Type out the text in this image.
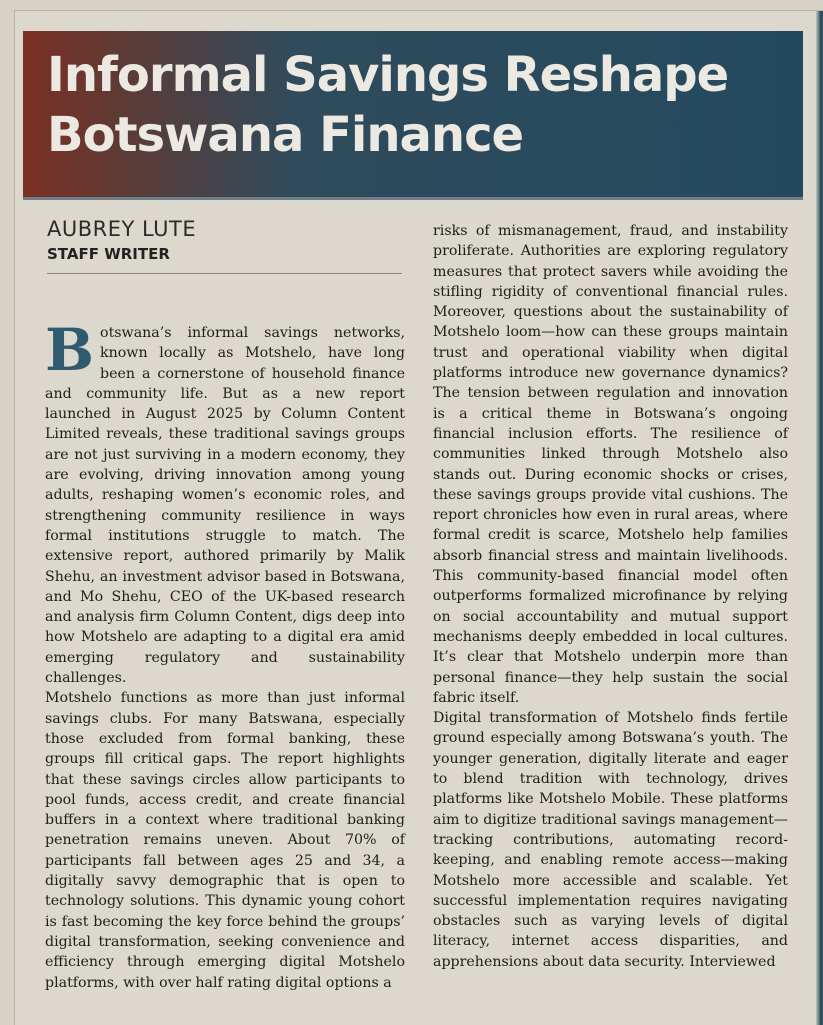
Informal Savings Reshape
Botswana Finance
AUBREY LUTE
STAFF WRITER

Botswana’s informal savings networks, known locally as Motshelo, have long been a cornerstone of household finance and community life. But as a new report launched in August 2025 by Column Content Limited reveals, these traditional savings groups are not just surviving in a modern economy, they are evolving, driving innovation among young adults, reshaping women’s economic roles, and strengthening community resilience in ways formal institutions struggle to match. The extensive report, authored primarily by Malik Shehu, an investment advisor based in Botswana, and Mo Shehu, CEO of the UK-based research and analysis firm Column Content, digs deep into how Motshelo are adapting to a digital era amid emerging regulatory and sustainability challenges.

Motshelo functions as more than just informal savings clubs. For many Batswana, especially those excluded from formal banking, these groups fill critical gaps. The report highlights that these savings circles allow participants to pool funds, access credit, and create financial buffers in a context where traditional banking penetration remains uneven. About 70% of participants fall between ages 25 and 34, a digitally savvy demographic that is open to technology solutions. This dynamic young cohort is fast becoming the key force behind the groups’ digital transformation, seeking convenience and efficiency through emerging digital Motshelo platforms, with over half rating digital options a

risks of mismanagement, fraud, and instability proliferate. Authorities are exploring regulatory measures that protect savers while avoiding the stifling rigidity of conventional financial rules. Moreover, questions about the sustainability of Motshelo loom—how can these groups maintain trust and operational viability when digital platforms introduce new governance dynamics? The tension between regulation and innovation is a critical theme in Botswana’s ongoing financial inclusion efforts. The resilience of communities linked through Motshelo also stands out. During economic shocks or crises, these savings groups provide vital cushions. The report chronicles how even in rural areas, where formal credit is scarce, Motshelo help families absorb financial stress and maintain livelihoods. This community-based financial model often outperforms formalized microfinance by relying on social accountability and mutual support mechanisms deeply embedded in local cultures. It’s clear that Motshelo underpin more than personal finance—they help sustain the social fabric itself.

Digital transformation of Motshelo finds fertile ground especially among Botswana’s youth. The younger generation, digitally literate and eager to blend tradition with technology, drives platforms like Motshelo Mobile. These platforms aim to digitize traditional savings management—tracking contributions, automating record-keeping, and enabling remote access—making Motshelo more accessible and scalable. Yet successful implementation requires navigating obstacles such as varying levels of digital literacy, internet access disparities, and apprehensions about data security. Interviewed
